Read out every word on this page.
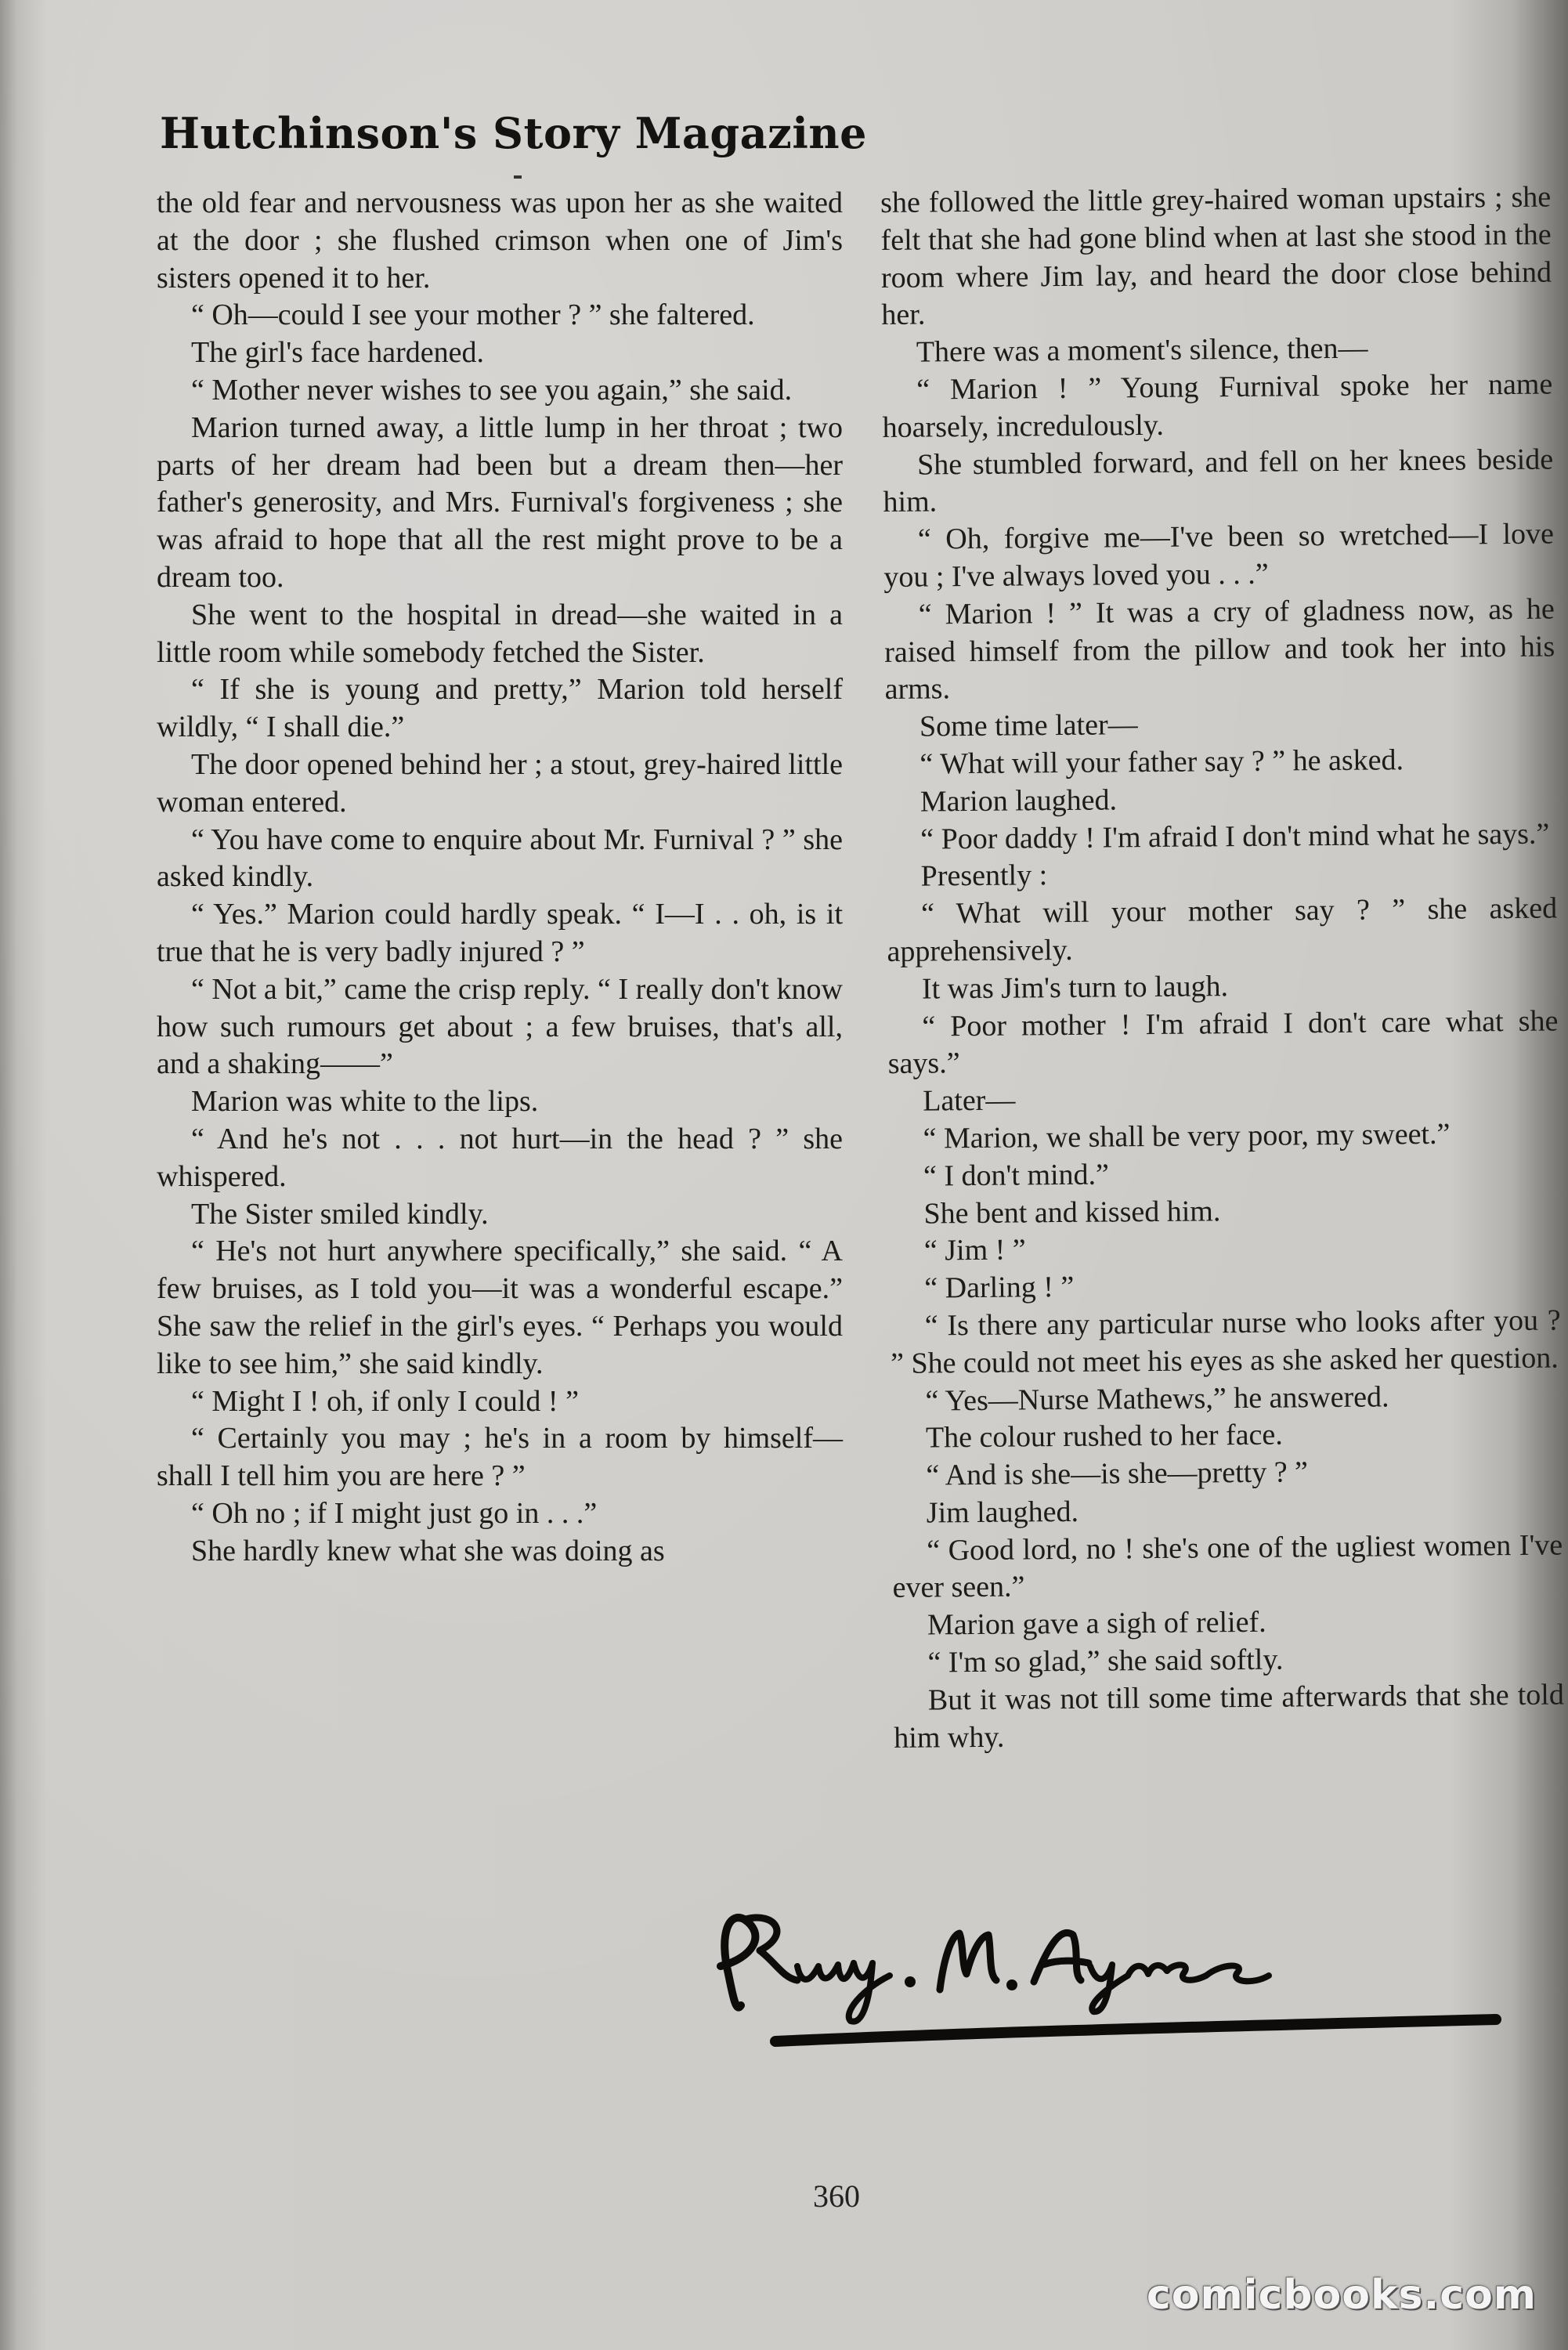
Hutchinson's Story Magazine

the old fear and nervousness was upon her as she waited at the door ; she flushed crimson when one of Jim's sisters opened it to her.

“ Oh—could I see your mother ? ” she faltered.

The girl's face hardened.

“ Mother never wishes to see you again,” she said.

Marion turned away, a little lump in her throat ; two parts of her dream had been but a dream then—her father's generosity, and Mrs. Furnival's forgiveness ; she was afraid to hope that all the rest might prove to be a dream too.

She went to the hospital in dread—she waited in a little room while somebody fetched the Sister.

“ If she is young and pretty,” Marion told herself wildly, “ I shall die.”

The door opened behind her ; a stout, grey-haired little woman entered.

“ You have come to enquire about Mr. Furnival ? ” she asked kindly.

“ Yes.” Marion could hardly speak. “ I—I . . oh, is it true that he is very badly injured ? ”

“ Not a bit,” came the crisp reply. “ I really don't know how such rumours get about ; a few bruises, that's all, and a shaking——”

Marion was white to the lips.

“ And he's not . . . not hurt—in the head ? ” she whispered.

The Sister smiled kindly.

“ He's not hurt anywhere specifically,” she said. “ A few bruises, as I told you—it was a wonderful escape.” She saw the relief in the girl's eyes. “ Perhaps you would like to see him,” she said kindly.

“ Might I ! oh, if only I could ! ”

“ Certainly you may ; he's in a room by himself—shall I tell him you are here ? ”

“ Oh no ; if I might just go in . . .”

She hardly knew what she was doing as

she followed the little grey-haired woman upstairs ; she felt that she had gone blind when at last she stood in the room where Jim lay, and heard the door close behind her.

There was a moment's silence, then—

“ Marion ! ” Young Furnival spoke her name hoarsely, incredulously.

She stumbled forward, and fell on her knees beside him.

“ Oh, forgive me—I've been so wretched—I love you ; I've always loved you . . .”

“ Marion ! ” It was a cry of gladness now, as he raised himself from the pillow and took her into his arms.

Some time later—

“ What will your father say ? ” he asked.

Marion laughed.

“ Poor daddy ! I'm afraid I don't mind what he says.”

Presently :

“ What will your mother say ? ” she asked apprehensively.

It was Jim's turn to laugh.

“ Poor mother ! I'm afraid I don't care what she says.”

Later—

“ Marion, we shall be very poor, my sweet.”

“ I don't mind.”

She bent and kissed him.

“ Jim ! ”

“ Darling ! ”

“ Is there any particular nurse who looks after you ? ” She could not meet his eyes as she asked her question.

“ Yes—Nurse Mathews,” he answered.

The colour rushed to her face.

“ And is she—is she—pretty ? ”

Jim laughed.

“ Good lord, no ! she's one of the ugliest women I've ever seen.”

Marion gave a sigh of relief.

“ I'm so glad,” she said softly.

But it was not till some time afterwards that she told him why.

360
comicbooks.com
